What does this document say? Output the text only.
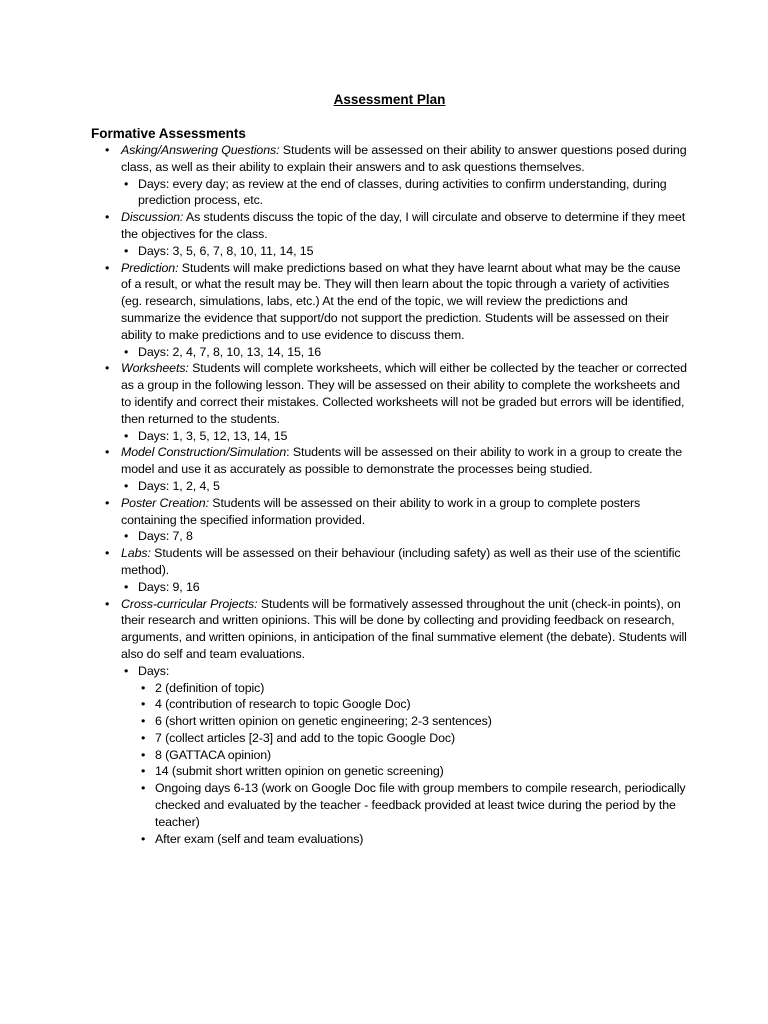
Assessment Plan
Formative Assessments
• Asking/Answering Questions: Students will be assessed on their ability to answer questions posed during class, as well as their ability to explain their answers and to ask questions themselves.
• Days: every day; as review at the end of classes, during activities to confirm understanding, during prediction process, etc.
• Discussion: As students discuss the topic of the day, I will circulate and observe to determine if they meet the objectives for the class.
• Days: 3, 5, 6, 7, 8, 10, 11, 14, 15
• Prediction: Students will make predictions based on what they have learnt about what may be the cause of a result, or what the result may be. They will then learn about the topic through a variety of activities (eg. research, simulations, labs, etc.) At the end of the topic, we will review the predictions and summarize the evidence that support/do not support the prediction. Students will be assessed on their ability to make predictions and to use evidence to discuss them.
• Days: 2, 4, 7, 8, 10, 13, 14, 15, 16
• Worksheets: Students will complete worksheets, which will either be collected by the teacher or corrected as a group in the following lesson. They will be assessed on their ability to complete the worksheets and to identify and correct their mistakes. Collected worksheets will not be graded but errors will be identified, then returned to the students.
• Days: 1, 3, 5, 12, 13, 14, 15
• Model Construction/Simulation: Students will be assessed on their ability to work in a group to create the model and use it as accurately as possible to demonstrate the processes being studied.
• Days: 1, 2, 4, 5
• Poster Creation: Students will be assessed on their ability to work in a group to complete posters containing the specified information provided.
• Days: 7, 8
• Labs: Students will be assessed on their behaviour (including safety) as well as their use of the scientific method).
• Days: 9, 16
• Cross-curricular Projects: Students will be formatively assessed throughout the unit (check-in points), on their research and written opinions. This will be done by collecting and providing feedback on research, arguments, and written opinions, in anticipation of the final summative element (the debate). Students will also do self and team evaluations.
• Days:
• 2 (definition of topic)
• 4 (contribution of research to topic Google Doc)
• 6 (short written opinion on genetic engineering; 2-3 sentences)
• 7 (collect articles [2-3] and add to the topic Google Doc)
• 8 (GATTACA opinion)
• 14 (submit short written opinion on genetic screening)
• Ongoing days 6-13 (work on Google Doc file with group members to compile research, periodically checked and evaluated by the teacher - feedback provided at least twice during the period by the teacher)
• After exam (self and team evaluations)
